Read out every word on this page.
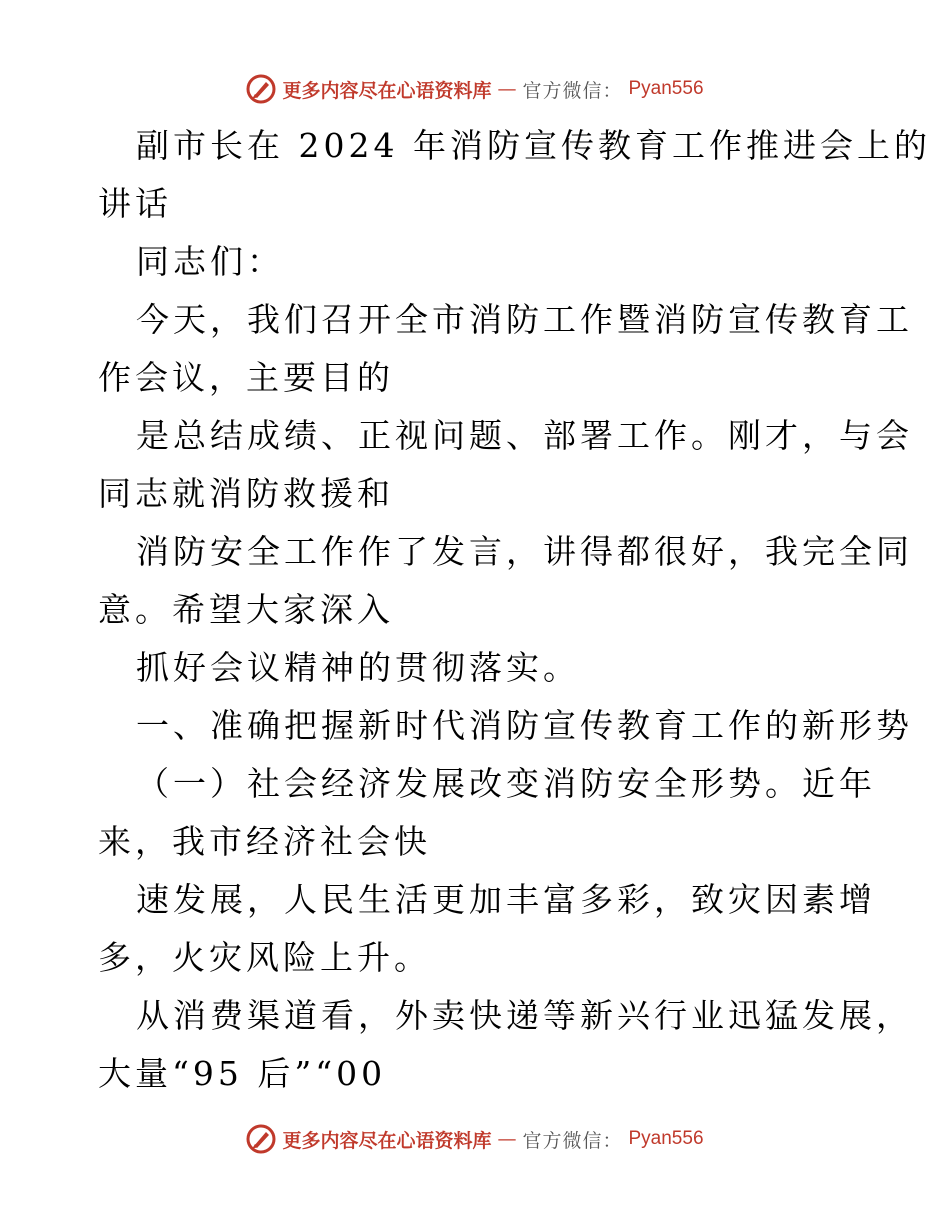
更多内容尽在心语资料库 — 官方微信： Pyan556
副市长在 2024 年消防宣传教育工作推进会上的
讲话
同志们：
今天，我们召开全市消防工作暨消防宣传教育工
作会议，主要目的
是总结成绩、正视问题、部署工作。刚才，与会
同志就消防救援和
消防安全工作作了发言，讲得都很好，我完全同
意。希望大家深入
抓好会议精神的贯彻落实。
一、准确把握新时代消防宣传教育工作的新形势
（一）社会经济发展改变消防安全形势。近年
来，我市经济社会快
速发展，人民生活更加丰富多彩，致灾因素增
多，火灾风险上升。
从消费渠道看，外卖快递等新兴行业迅猛发展，
大量“95 后”“00
更多内容尽在心语资料库 — 官方微信： Pyan556
